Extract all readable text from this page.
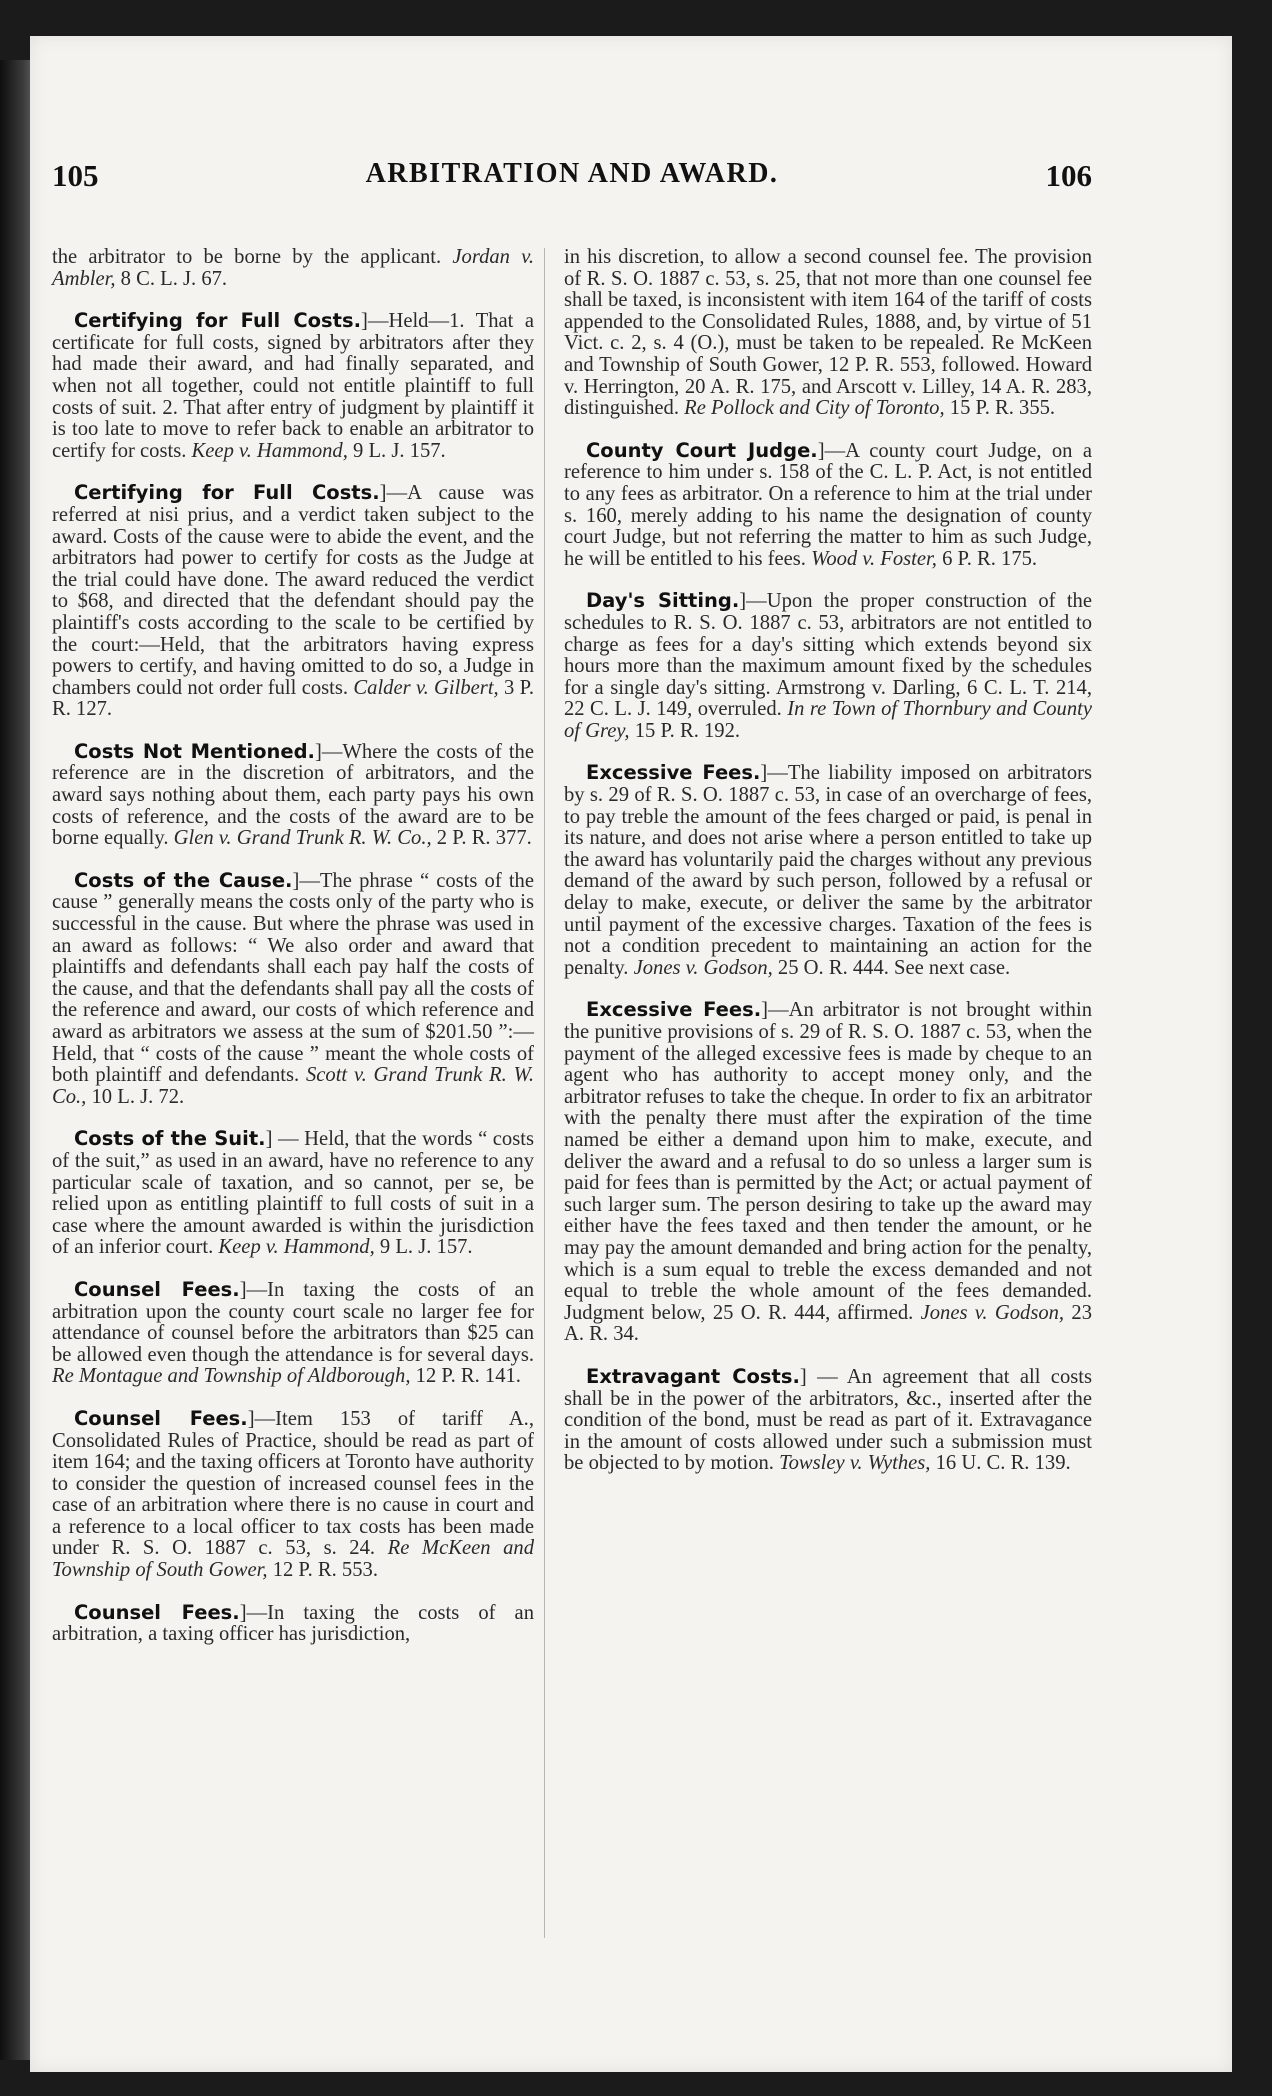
105	ARBITRATION AND AWARD.	106

the arbitrator to be borne by the applicant. Jordan v. Ambler, 8 C. L. J. 67.

Certifying for Full Costs.]—Held—1. That a certificate for full costs, signed by arbitrators after they had made their award, and had finally separated, and when not all together, could not entitle plaintiff to full costs of suit. 2. That after entry of judgment by plaintiff it is too late to move to refer back to enable an arbitrator to certify for costs. Keep v. Hammond, 9 L. J. 157.

Certifying for Full Costs.]—A cause was referred at nisi prius, and a verdict taken subject to the award. Costs of the cause were to abide the event, and the arbitrators had power to certify for costs as the Judge at the trial could have done. The award reduced the verdict to $68, and directed that the defendant should pay the plaintiff's costs according to the scale to be certified by the court:—Held, that the arbitrators having express powers to certify, and having omitted to do so, a Judge in chambers could not order full costs. Calder v. Gilbert, 3 P. R. 127.

Costs Not Mentioned.]—Where the costs of the reference are in the discretion of arbitrators, and the award says nothing about them, each party pays his own costs of reference, and the costs of the award are to be borne equally. Glen v. Grand Trunk R. W. Co., 2 P. R. 377.

Costs of the Cause.]—The phrase “ costs of the cause ” generally means the costs only of the party who is successful in the cause. But where the phrase was used in an award as follows: “ We also order and award that plaintiffs and defendants shall each pay half the costs of the cause, and that the defendants shall pay all the costs of the reference and award, our costs of which reference and award as arbitrators we assess at the sum of $201.50 ”:—Held, that “ costs of the cause ” meant the whole costs of both plaintiff and defendants. Scott v. Grand Trunk R. W. Co., 10 L. J. 72.

Costs of the Suit.] — Held, that the words “ costs of the suit,” as used in an award, have no reference to any particular scale of taxation, and so cannot, per se, be relied upon as entitling plaintiff to full costs of suit in a case where the amount awarded is within the jurisdiction of an inferior court. Keep v. Hammond, 9 L. J. 157.

Counsel Fees.]—In taxing the costs of an arbitration upon the county court scale no larger fee for attendance of counsel before the arbitrators than $25 can be allowed even though the attendance is for several days. Re Montague and Township of Aldborough, 12 P. R. 141.

Counsel Fees.]—Item 153 of tariff A., Consolidated Rules of Practice, should be read as part of item 164; and the taxing officers at Toronto have authority to consider the question of increased counsel fees in the case of an arbitration where there is no cause in court and a reference to a local officer to tax costs has been made under R. S. O. 1887 c. 53, s. 24. Re McKeen and Township of South Gower, 12 P. R. 553.

Counsel Fees.]—In taxing the costs of an arbitration, a taxing officer has jurisdiction,

in his discretion, to allow a second counsel fee. The provision of R. S. O. 1887 c. 53, s. 25, that not more than one counsel fee shall be taxed, is inconsistent with item 164 of the tariff of costs appended to the Consolidated Rules, 1888, and, by virtue of 51 Vict. c. 2, s. 4 (O.), must be taken to be repealed. Re McKeen and Township of South Gower, 12 P. R. 553, followed. Howard v. Herrington, 20 A. R. 175, and Arscott v. Lilley, 14 A. R. 283, distinguished. Re Pollock and City of Toronto, 15 P. R. 355.

County Court Judge.]—A county court Judge, on a reference to him under s. 158 of the C. L. P. Act, is not entitled to any fees as arbitrator. On a reference to him at the trial under s. 160, merely adding to his name the designation of county court Judge, but not referring the matter to him as such Judge, he will be entitled to his fees. Wood v. Foster, 6 P. R. 175.

Day's Sitting.]—Upon the proper construction of the schedules to R. S. O. 1887 c. 53, arbitrators are not entitled to charge as fees for a day's sitting which extends beyond six hours more than the maximum amount fixed by the schedules for a single day's sitting. Armstrong v. Darling, 6 C. L. T. 214, 22 C. L. J. 149, overruled. In re Town of Thornbury and County of Grey, 15 P. R. 192.

Excessive Fees.]—The liability imposed on arbitrators by s. 29 of R. S. O. 1887 c. 53, in case of an overcharge of fees, to pay treble the amount of the fees charged or paid, is penal in its nature, and does not arise where a person entitled to take up the award has voluntarily paid the charges without any previous demand of the award by such person, followed by a refusal or delay to make, execute, or deliver the same by the arbitrator until payment of the excessive charges. Taxation of the fees is not a condition precedent to maintaining an action for the penalty. Jones v. Godson, 25 O. R. 444. See next case.

Excessive Fees.]—An arbitrator is not brought within the punitive provisions of s. 29 of R. S. O. 1887 c. 53, when the payment of the alleged excessive fees is made by cheque to an agent who has authority to accept money only, and the arbitrator refuses to take the cheque. In order to fix an arbitrator with the penalty there must after the expiration of the time named be either a demand upon him to make, execute, and deliver the award and a refusal to do so unless a larger sum is paid for fees than is permitted by the Act; or actual payment of such larger sum. The person desiring to take up the award may either have the fees taxed and then tender the amount, or he may pay the amount demanded and bring action for the penalty, which is a sum equal to treble the excess demanded and not equal to treble the whole amount of the fees demanded. Judgment below, 25 O. R. 444, affirmed. Jones v. Godson, 23 A. R. 34.

Extravagant Costs.] — An agreement that all costs shall be in the power of the arbitrators, &c., inserted after the condition of the bond, must be read as part of it. Extravagance in the amount of costs allowed under such a submission must be objected to by motion. Towsley v. Wythes, 16 U. C. R. 139.
